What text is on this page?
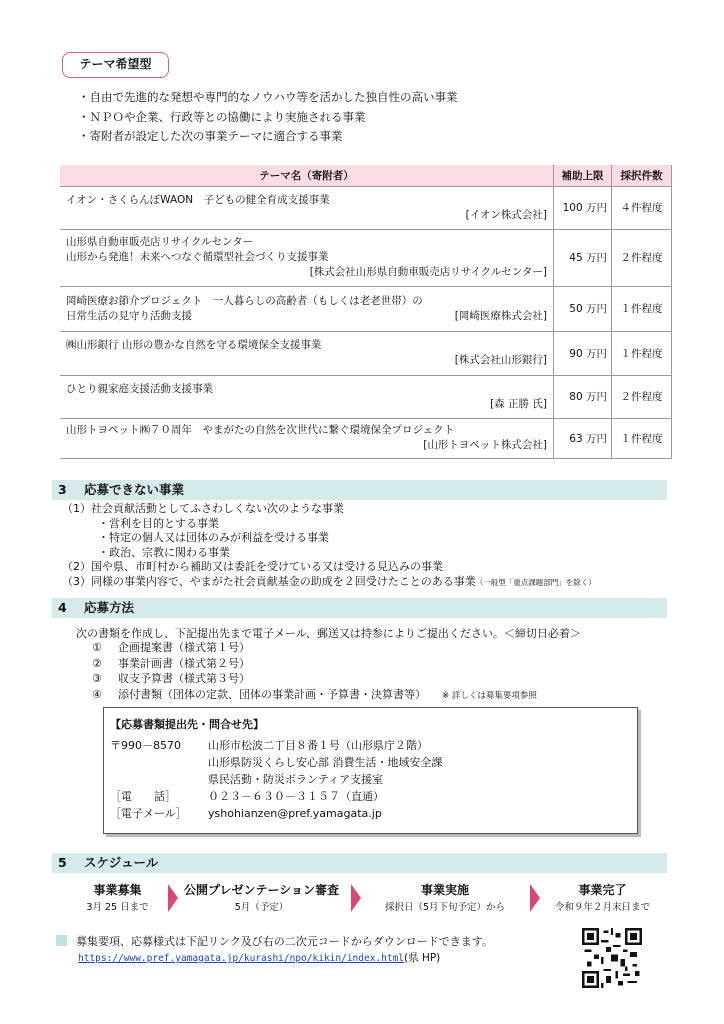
テーマ希望型
・自由で先進的な発想や専門的なノウハウ等を活かした独自性の高い事業
・ＮＰＯや企業、行政等との協働により実施される事業
・寄附者が設定した次の事業テーマに適合する事業
テーマ名（寄附者）	補助上限	採択件数

イオン・さくらんぼWAON　子どもの健全育成支援事業
[イオン株式会社]	100 万円	４件程度

山形県自動車販売店リサイクルセンター
山形から発進！未来へつなぐ循環型社会づくり支援事業
[株式会社山形県自動車販売店リサイクルセンター]	45 万円	２件程度

岡崎医療お節介プロジェクト　一人暮らしの高齢者（もしくは老老世帯）の
日常生活の見守り活動支援 [岡崎医療株式会社]	50 万円	１件程度

㈱山形銀行 山形の豊かな自然を守る環境保全支援事業
[株式会社山形銀行]	90 万円	１件程度

ひとり親家庭支援活動支援事業
[森 正勝 氏]	80 万円	２件程度

山形トヨペット㈱７０周年　やまがたの自然を次世代に繋ぐ環境保全プロジェクト
[山形トヨペット株式会社]	63 万円	１件程度
3 応募できない事業
（1）社会貢献活動としてふさわしくない次のような事業
・営利を目的とする事業
・特定の個人又は団体のみが利益を受ける事業
・政治、宗教に関わる事業
（2）国や県、市町村から補助又は委託を受けている又は受ける見込みの事業
（3）同様の事業内容で、やまがた社会貢献基金の助成を２回受けたことのある事業（一般型「重点課題部門」を除く）
4 応募方法
次の書類を作成し、下記提出先まで電子メール、郵送又は持参によりご提出ください。＜締切日必着＞
① 企画提案書（様式第１号）
② 事業計画書（様式第２号）
③ 収支予算書（様式第３号）
④ 添付書類（団体の定款、団体の事業計画・予算書・決算書等） ※ 詳しくは募集要項参照
【応募書類提出先・問合せ先】
〒990－8570 山形市松波二丁目８番１号（山形県庁２階）
山形県防災くらし安心部 消費生活・地域安全課
県民活動・防災ボランティア支援室
［電　　話］	０２３－６３０－３１５７（直通）
［電子メール］ yshohianzen@pref.yamagata.jp
5 スケジュール
事業募集
3月 25 日まで
公開プレゼンテーション審査
5月（予定）
事業実施
採択日（5月下旬予定）から
事業完了
令和９年２月末日まで
募集要項、応募様式は下記リンク及び右の二次元コードからダウンロードできます。
https://www.pref.yamagata.jp/kurashi/npo/kikin/index.html(県 HP)
